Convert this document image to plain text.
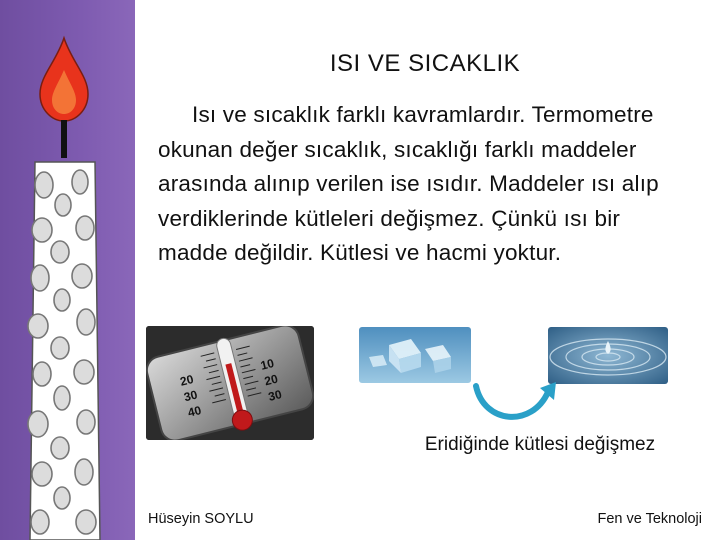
ISI VE SICAKLIK
Isı ve sıcaklık farklı kavramlardır. Termometre
okunan değer sıcaklık, sıcaklığı farklı maddeler
arasında alınıp verilen ise ısıdır. Maddeler ısı alıp
verdiklerinde kütleleri değişmez. Çünkü ısı bir
madde değildir. Kütlesi ve hacmi yoktur.
20
30
40
10
20
30
Eridiğinde kütlesi değişmez
Hüseyin SOYLU	Fen ve Teknoloji
